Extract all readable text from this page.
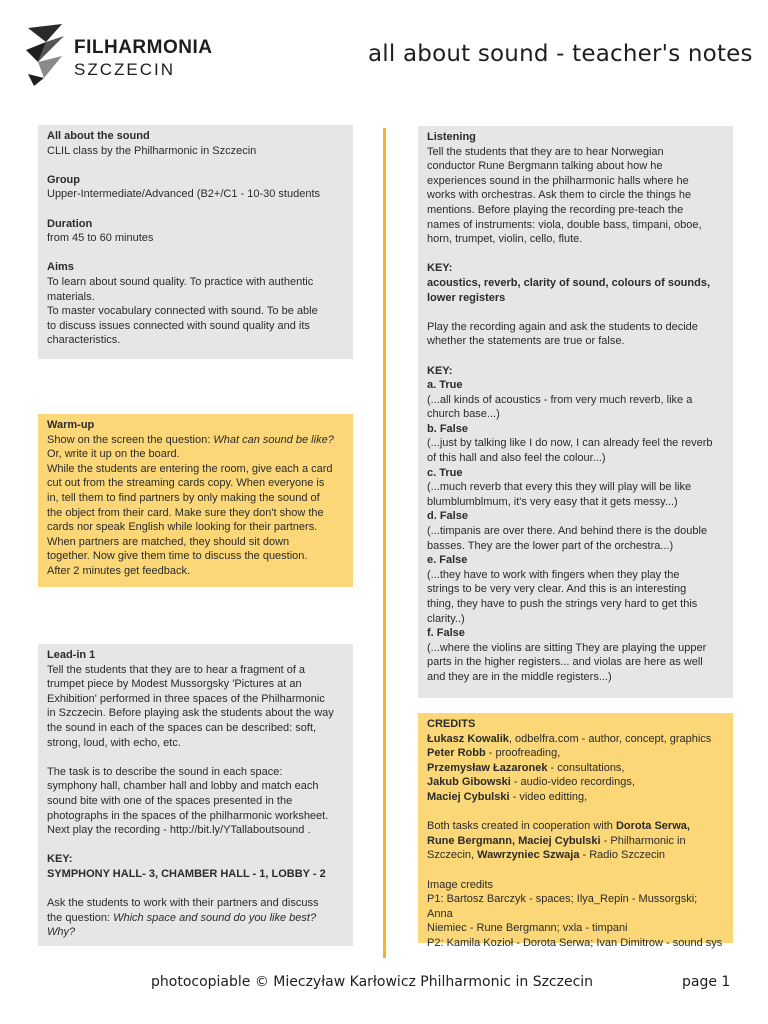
FILHARMONIA
SZCZECIN
all about sound - teacher's notes

All about the sound

CLIL class by the Philharmonic in Szczecin

Group

Upper-Intermediate/Advanced (B2+/C1 - 10-30 students

Duration

from 45 to 60 minutes

Aims

To learn about sound quality. To practice with authentic

materials.

To master vocabulary connected with sound. To be able

to discuss issues connected with sound quality and its

characteristics.

Warm-up

Show on the screen the question: What can sound be like?

Or, write it up on the board.

While the students are entering the room, give each a card

cut out from the streaming cards copy. When everyone is

in, tell them to find partners by only making the sound of

the object from their card. Make sure they don't show the

cards nor speak English while looking for their partners.

When partners are matched, they should sit down

together. Now give them time to discuss the question.

After 2 minutes get feedback.

Lead-in 1

Tell the students that they are to hear a fragment of a

trumpet piece by Modest Mussorgsky 'Pictures at an

Exhibition' performed in three spaces of the Philharmonic

in Szczecin. Before playing ask the students about the way

the sound in each of the spaces can be described: soft,

strong, loud, with echo, etc.

The task is to describe the sound in each space:

symphony hall, chamber hall and lobby and match each

sound bite with one of the spaces presented in the

photographs in the spaces of the philharmonic worksheet.

Next play the recording - http://bit.ly/YTallaboutsound .

KEY:

SYMPHONY HALL- 3, CHAMBER HALL - 1, LOBBY - 2

Ask the students to work with their partners and discuss

the question: Which space and sound do you like best?

Why?

Listening

Tell the students that they are to hear Norwegian

conductor Rune Bergmann talking about how he

experiences sound in the philharmonic halls where he

works with orchestras. Ask them to circle the things he

mentions. Before playing the recording pre-teach the

names of instruments: viola, double bass, timpani, oboe,

horn, trumpet, violin, cello, flute.

KEY:

acoustics, reverb, clarity of sound, colours of sounds,

lower registers

Play the recording again and ask the students to decide

whether the statements are true or false.

KEY:

a. True

(...all kinds of acoustics - from very much reverb, like a

church base...)

b. False

(...just by talking like I do now, I can already feel the reverb

of this hall and also feel the colour...)

c. True

(...much reverb that every this they will play will be like

blumblumblmum, it's very easy that it gets messy...)

d. False

(...timpanis are over there. And behind there is the double

basses. They are the lower part of the orchestra...)

e. False

(...they have to work with fingers when they play the

strings to be very very clear. And this is an interesting

thing, they have to push the strings very hard to get this

clarity..)

f. False

(...where the violins are sitting They are playing the upper

parts in the higher registers... and violas are here as well

and they are in the middle registers...)

CREDITS

Łukasz Kowalik, odbelfra.com - author, concept, graphics

Peter Robb - proofreading,

Przemysław Łazaronek - consultations,

Jakub Gibowski - audio-video recordings,

Maciej Cybulski - video editting,

Both tasks created in cooperation with Dorota Serwa,

Rune Bergmann, Maciej Cybulski - Philharmonic in

Szczecin, Wawrzyniec Szwaja - Radio Szczecin

Image credits

P1: Bartosz Barczyk - spaces; Ilya_Repin - Mussorgski; Anna

Niemiec - Rune Bergmann; vxla - timpani

P2: Kamila Kozioł - Dorota Serwa; Ivan Dimitrow - sound sys

photocopiable © Mieczyław Karłowicz Philharmonic in Szczecin	page 1
